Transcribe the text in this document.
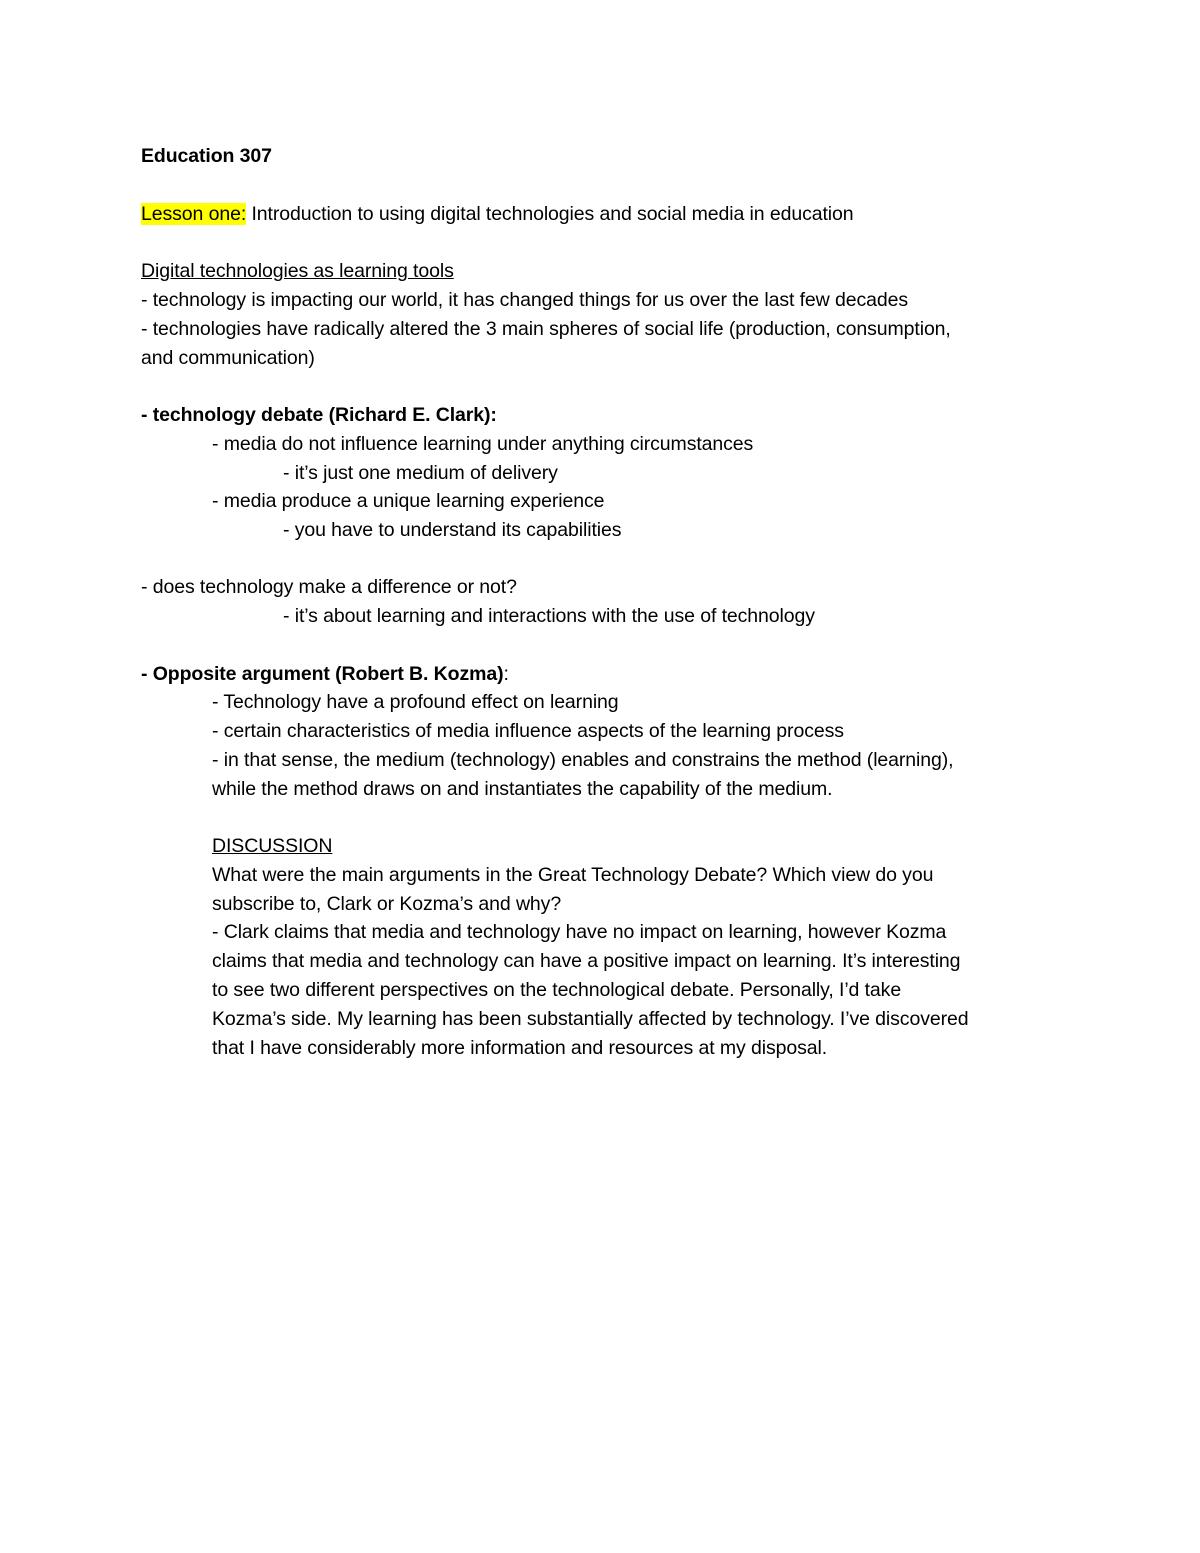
Education 307
Lesson one: Introduction to using digital technologies and social media in education
Digital technologies as learning tools
- technology is impacting our world, it has changed things for us over the last few decades
- technologies have radically altered the 3 main spheres of social life (production, consumption,
and communication)
- technology debate (Richard E. Clark):
- media do not influence learning under anything circumstances
- it’s just one medium of delivery
- media produce a unique learning experience
- you have to understand its capabilities
- does technology make a difference or not?
- it’s about learning and interactions with the use of technology
- Opposite argument (Robert B. Kozma):
- Technology have a profound effect on learning
- certain characteristics of media influence aspects of the learning process
- in that sense, the medium (technology) enables and constrains the method (learning),
while the method draws on and instantiates the capability of the medium.
DISCUSSION
What were the main arguments in the Great Technology Debate? Which view do you
subscribe to, Clark or Kozma’s and why?
- Clark claims that media and technology have no impact on learning, however Kozma
claims that media and technology can have a positive impact on learning. It’s interesting
to see two different perspectives on the technological debate. Personally, I’d take
Kozma’s side. My learning has been substantially affected by technology. I’ve discovered
that I have considerably more information and resources at my disposal.
